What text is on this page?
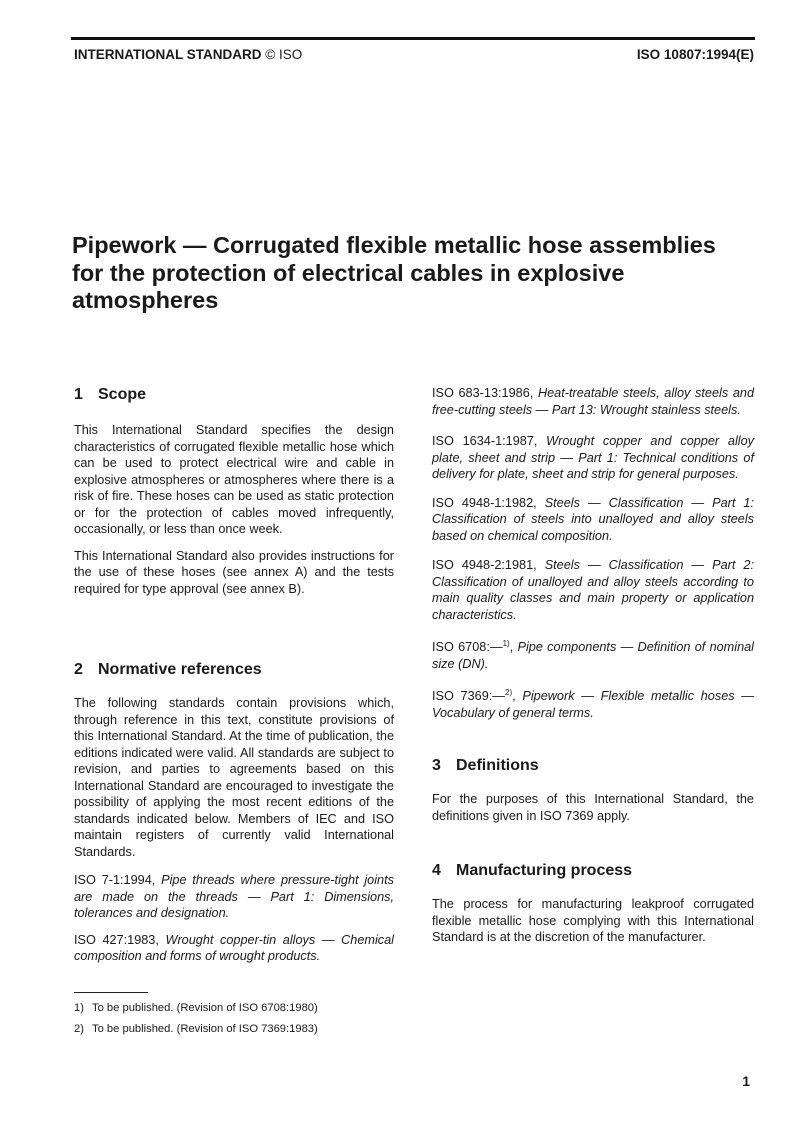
INTERNATIONAL STANDARD © ISO	ISO 10807:1994(E)
Pipework — Corrugated flexible metallic hose assemblies for the protection of electrical cables in explosive atmospheres
1 Scope

This International Standard specifies the design characteristics of corrugated flexible metallic hose which can be used to protect electrical wire and cable in explosive atmospheres or atmospheres where there is a risk of fire. These hoses can be used as static protection or for the protection of cables moved infrequently, occasionally, or less than once week.

This International Standard also provides instructions for the use of these hoses (see annex A) and the tests required for type approval (see annex B).

2 Normative references

The following standards contain provisions which, through reference in this text, constitute provisions of this International Standard. At the time of publication, the editions indicated were valid. All standards are subject to revision, and parties to agreements based on this International Standard are encouraged to investigate the possibility of applying the most recent editions of the standards indicated below. Members of IEC and ISO maintain registers of currently valid International Standards.

ISO 7-1:1994, Pipe threads where pressure-tight joints are made on the threads — Part 1: Dimensions, tolerances and designation.

ISO 427:1983, Wrought copper-tin alloys — Chemical composition and forms of wrought products.

ISO 683-13:1986, Heat-treatable steels, alloy steels and free-cutting steels — Part 13: Wrought stainless steels.

ISO 1634-1:1987, Wrought copper and copper alloy plate, sheet and strip — Part 1: Technical conditions of delivery for plate, sheet and strip for general purposes.

ISO 4948-1:1982, Steels — Classification — Part 1: Classification of steels into unalloyed and alloy steels based on chemical composition.

ISO 4948-2:1981, Steels — Classification — Part 2: Classification of unalloyed and alloy steels according to main quality classes and main property or application characteristics.

ISO 6708:—$^{1)}$, Pipe components — Definition of nominal size (DN).

ISO 7369:—$^{2)}$, Pipework — Flexible metallic hoses — Vocabulary of general terms.

3 Definitions

For the purposes of this International Standard, the definitions given in ISO 7369 apply.

4 Manufacturing process

The process for manufacturing leakproof corrugated flexible metallic hose complying with this International Standard is at the discretion of the manufacturer.

1) To be published. (Revision of ISO 6708:1980)
2) To be published. (Revision of ISO 7369:1983)
1
